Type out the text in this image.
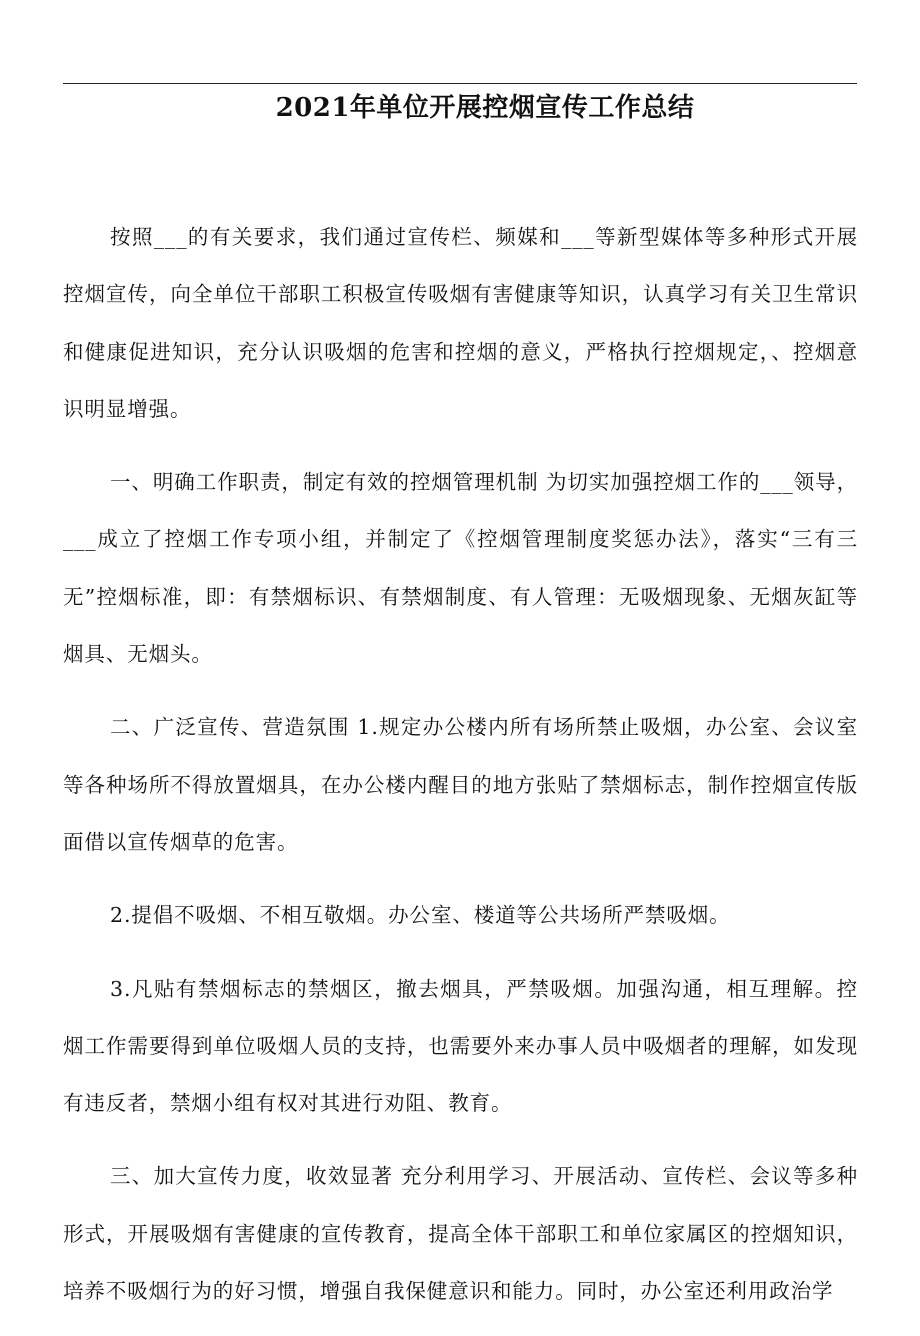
2021年单位开展控烟宣传工作总结

按照___的有关要求，我们通过宣传栏、频媒和___等新型媒体等多种形式开展控烟宣传，向全单位干部职工积极宣传吸烟有害健康等知识，认真学习有关卫生常识和健康促进知识，充分认识吸烟的危害和控烟的意义，严格执行控烟规定，、控烟意识明显增强。

一、明确工作职责，制定有效的控烟管理机制 为切实加强控烟工作的___领导，___成立了控烟工作专项小组，并制定了《控烟管理制度奖惩办法》，落实“三有三无”控烟标准，即：有禁烟标识、有禁烟制度、有人管理：无吸烟现象、无烟灰缸等烟具、无烟头。

二、广泛宣传、营造氛围 1.规定办公楼内所有场所禁止吸烟，办公室、会议室等各种场所不得放置烟具，在办公楼内醒目的地方张贴了禁烟标志，制作控烟宣传版面借以宣传烟草的危害。

2.提倡不吸烟、不相互敬烟。办公室、楼道等公共场所严禁吸烟。

3.凡贴有禁烟标志的禁烟区，撤去烟具，严禁吸烟。加强沟通，相互理解。控烟工作需要得到单位吸烟人员的支持，也需要外来办事人员中吸烟者的理解，如发现有违反者，禁烟小组有权对其进行劝阻、教育。

三、加大宣传力度，收效显著 充分利用学习、开展活动、宣传栏、会议等多种形式，开展吸烟有害健康的宣传教育，提高全体干部职工和单位家属区的控烟知识，培养不吸烟行为的好习惯，增强自我保健意识和能力。同时，办公室还利用政治学
